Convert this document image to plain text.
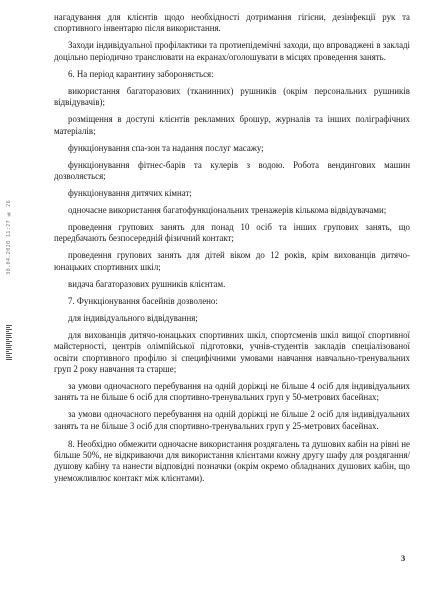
30.04.2020 11:27 № 26

нагадування для клієнтів щодо необхідності дотримання гігієни, дезінфекції рук та спортивного інвентарю після використання.

Заходи індивідуальної профілактики та протиепідемічні заходи, що впроваджені в закладі доцільно періодично транслювати на екранах/оголошувати в місцях проведення занять.

6. На період карантину забороняється:

використання багаторазових (тканинних) рушників (окрім персональних рушників відвідувачів);

розміщення в доступі клієнтів рекламних брошур, журналів та інших поліграфічних матеріалів;

функціонування спа-зон та надання послуг масажу;

функціонування фітнес-барів та кулерів з водою. Робота вендингових машин дозволяється;

функціонування дитячих кімнат;

одночасне використання багатофункціональних тренажерів кількома відвідувачами;

проведення групових занять для понад 10 осіб та інших групових занять, що передбачають безпосередній фізичний контакт;

проведення групових занять для дітей віком до 12 років, крім вихованців дитячо-юнацьких спортивних шкіл;

видача багаторазових рушників клієнтам.

7. Функціонування басейнів дозволено:

для індивідуального відвідування;

для вихованців дитячо-юнацьких спортивних шкіл, спортсменів шкіл вищої спортивної майстерності, центрів олімпійської підготовки, учнів-студентів закладів спеціалізованої освіти спортивного профілю зі специфічними умовами навчання навчально-тренувальних груп 2 року навчання та старше;

за умови одночасного перебування на одній доріжці не більше 4 осіб для індивідуальних занять та не більше 6 осіб для спортивно-тренувальних груп у 50-метрових басейнах;

за умови одночасного перебування на одній доріжці не більше 2 осіб для індивідуальних занять та не більше 3 осіб для спортивно-тренувальних груп у 25-метрових басейнах.

8. Необхідно обмежити одночасне використання роздягалень та душових кабін на рівні не більше 50%, не відкриваючи для використання клієнтами кожну другу шафу для роздягання/душову кабіну та нанести відповідні позначки (окрім окремо обладнаних душових кабін, що унеможливлює контакт між клієнтами).

3
